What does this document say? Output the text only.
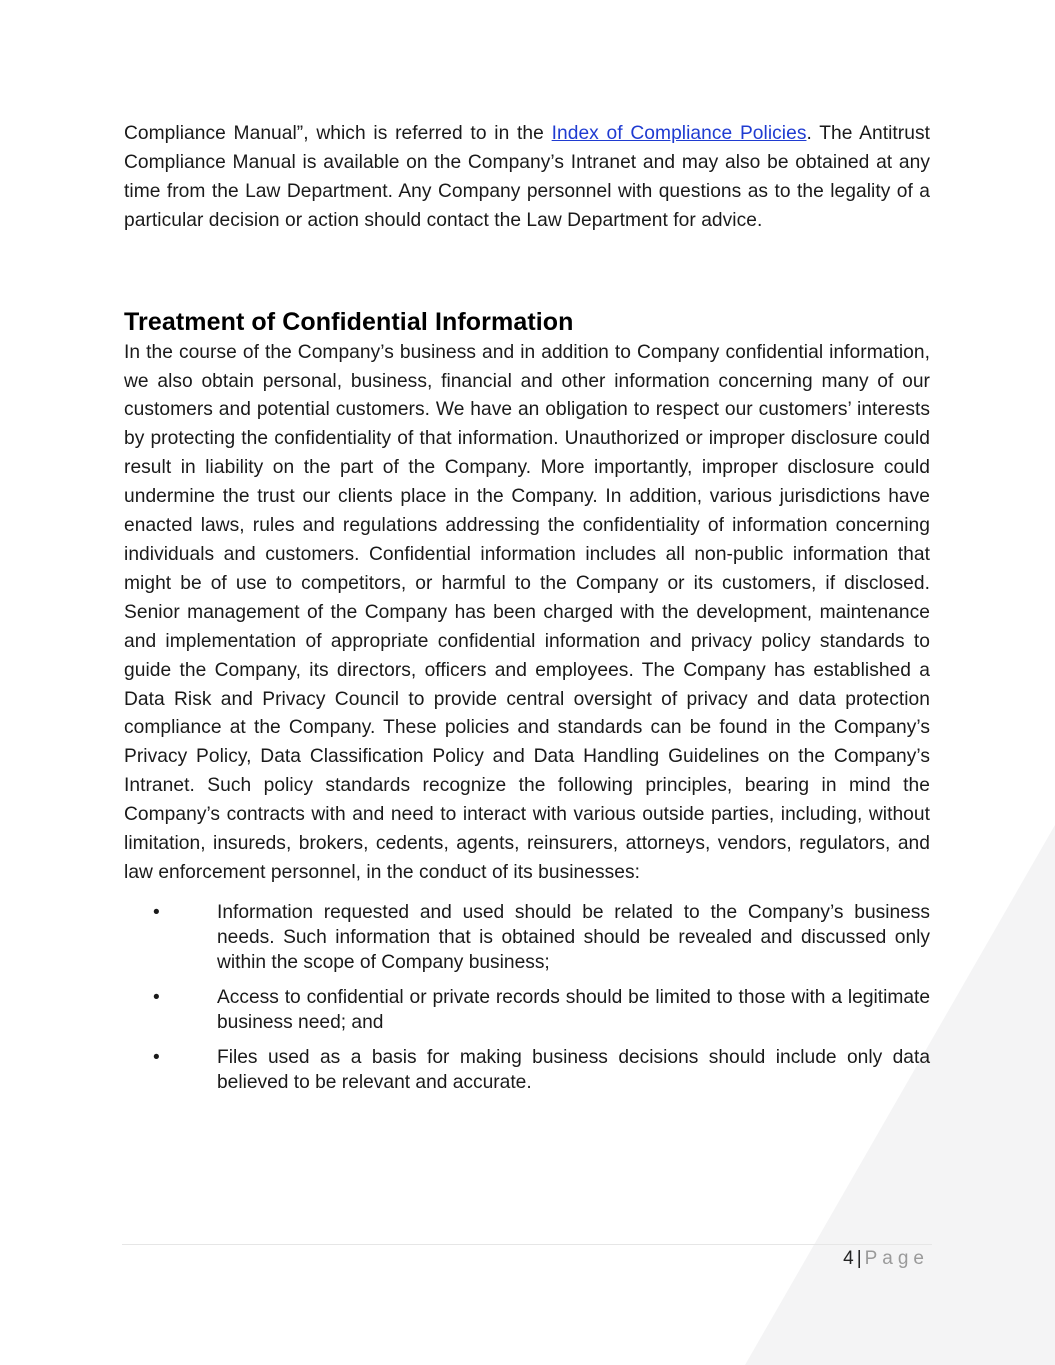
Compliance Manual”, which is referred to in the Index of Compliance Policies. The Antitrust Compliance Manual is available on the Company’s Intranet and may also be obtained at any time from the Law Department. Any Company personnel with questions as to the legality of a particular decision or action should contact the Law Department for advice.

Treatment of Confidential Information

In the course of the Company’s business and in addition to Company confidential information, we also obtain personal, business, financial and other information concerning many of our customers and potential customers. We have an obligation to respect our customers’ interests by protecting the confidentiality of that information. Unauthorized or improper disclosure could result in liability on the part of the Company. More importantly, improper disclosure could undermine the trust our clients place in the Company. In addition, various jurisdictions have enacted laws, rules and regulations addressing the confidentiality of information concerning individuals and customers. Confidential information includes all non-public information that might be of use to competitors, or harmful to the Company or its customers, if disclosed. Senior management of the Company has been charged with the development, maintenance and implementation of appropriate confidential information and privacy policy standards to guide the Company, its directors, officers and employees. The Company has established a Data Risk and Privacy Council to provide central oversight of privacy and data protection compliance at the Company. These policies and standards can be found in the Company’s Privacy Policy, Data Classification Policy and Data Handling Guidelines on the Company’s Intranet. Such policy standards recognize the following principles, bearing in mind the Company’s contracts with and need to interact with various outside parties, including, without limitation, insureds, brokers, cedents, agents, reinsurers, attorneys, vendors, regulators, and law enforcement personnel, in the conduct of its businesses:

•	Information requested and used should be related to the Company’s business needs. Such information that is obtained should be revealed and discussed only within the scope of Company business;
•	Access to confidential or private records should be limited to those with a legitimate business need; and
•	Files used as a basis for making business decisions should include only data believed to be relevant and accurate.
4 | Page
